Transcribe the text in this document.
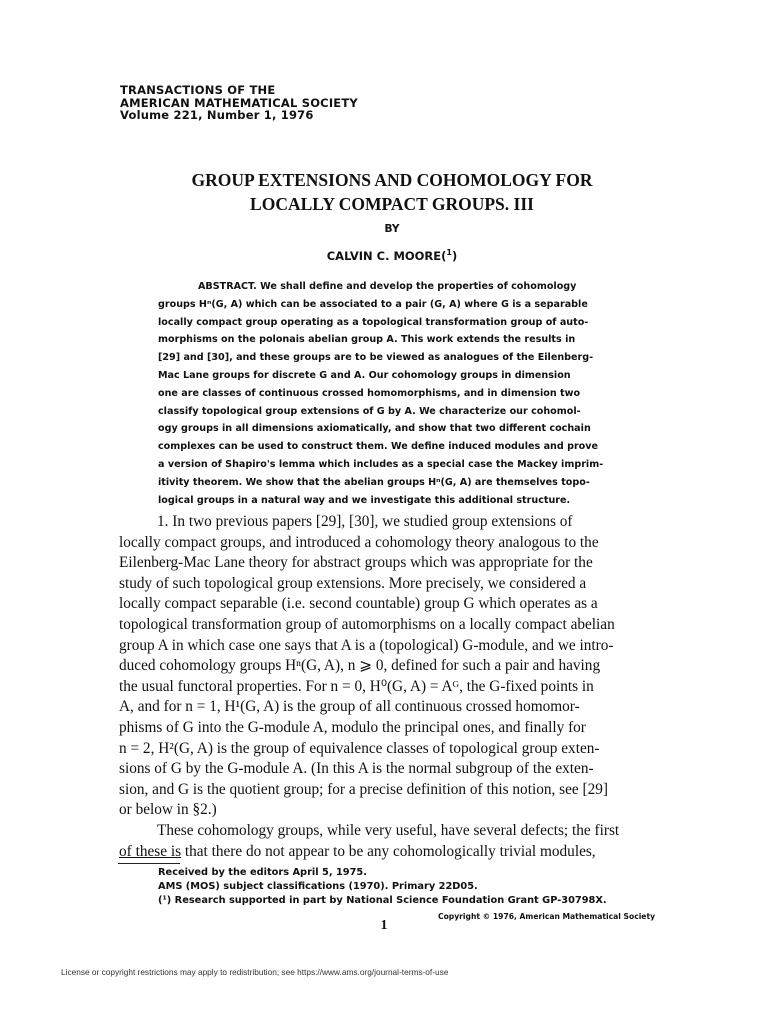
TRANSACTIONS OF THE
AMERICAN MATHEMATICAL SOCIETY
Volume 221, Number 1, 1976
GROUP EXTENSIONS AND COHOMOLOGY FOR
LOCALLY COMPACT GROUPS. III
BY
CALVIN C. MOORE($^1$)
ABSTRACT. We shall define and develop the properties of cohomology
groups Hⁿ(G, A) which can be associated to a pair (G, A) where G is a separable
locally compact group operating as a topological transformation group of auto-
morphisms on the polonais abelian group A. This work extends the results in
[29] and [30], and these groups are to be viewed as analogues of the Eilenberg-
Mac Lane groups for discrete G and A. Our cohomology groups in dimension
one are classes of continuous crossed homomorphisms, and in dimension two
classify topological group extensions of G by A. We characterize our cohomol-
ogy groups in all dimensions axiomatically, and show that two different cochain
complexes can be used to construct them. We define induced modules and prove
a version of Shapiro's lemma which includes as a special case the Mackey imprim-
itivity theorem. We show that the abelian groups Hⁿ(G, A) are themselves topo-
logical groups in a natural way and we investigate this additional structure.
1. In two previous papers [29], [30], we studied group extensions of
locally compact groups, and introduced a cohomology theory analogous to the
Eilenberg-Mac Lane theory for abstract groups which was appropriate for the
study of such topological group extensions. More precisely, we considered a
locally compact separable (i.e. second countable) group G which operates as a
topological transformation group of automorphisms on a locally compact abelian
group A in which case one says that A is a (topological) G-module, and we intro-
duced cohomology groups Hⁿ(G, A), n ⩾ 0, defined for such a pair and having
the usual functoral properties. For n = 0, H⁰(G, A) = Aᴳ, the G-fixed points in
A, and for n = 1, H¹(G, A) is the group of all continuous crossed homomor-
phisms of G into the G-module A, modulo the principal ones, and finally for
n = 2, H²(G, A) is the group of equivalence classes of topological group exten-
sions of G by the G-module A. (In this A is the normal subgroup of the exten-
sion, and G is the quotient group; for a precise definition of this notion, see [29]
or below in §2.)
These cohomology groups, while very useful, have several defects; the first
of these is that there do not appear to be any cohomologically trivial modules,
Received by the editors April 5, 1975.
AMS (MOS) subject classifications (1970). Primary 22D05.
(¹) Research supported in part by National Science Foundation Grant GP-30798X.
Copyright © 1976, American Mathematical Society
1
License or copyright restrictions may apply to redistribution; see https://www.ams.org/journal-terms-of-use
